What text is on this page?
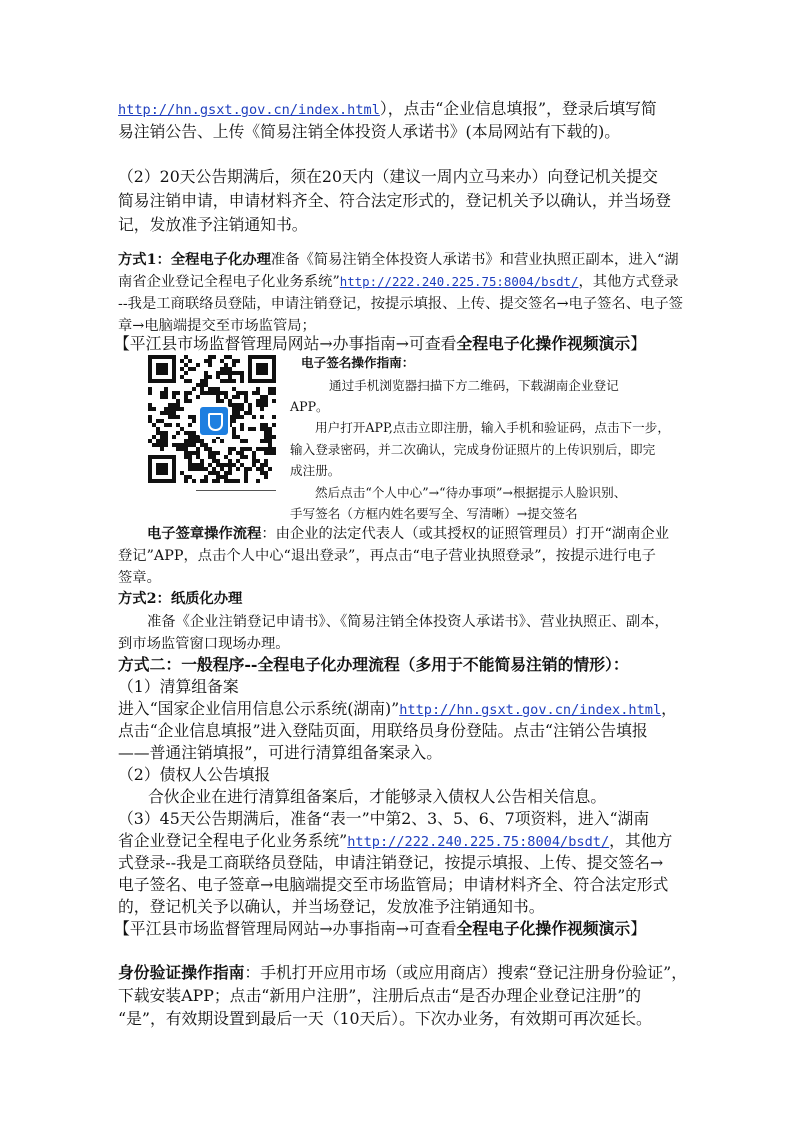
http://hn.gsxt.gov.cn/index.html），点击“企业信息填报”，登录后填写简
易注销公告、上传《简易注销全体投资人承诺书》(本局网站有下载的)。
（2）20天公告期满后，须在20天内（建议一周内立马来办）向登记机关提交
简易注销申请，申请材料齐全、符合法定形式的，登记机关予以确认，并当场登
记，发放准予注销通知书。
方式1：全程电子化办理准备《简易注销全体投资人承诺书》和营业执照正副本，进入“湖
南省企业登记全程电子化业务系统”http://222.240.225.75:8004/bsdt/，其他方式登录
--我是工商联络员登陆，申请注销登记，按提示填报、上传、提交签名→电子签名、电子签
章→电脑端提交至市场监管局；
【平江县市场监督管理局网站→办事指南→可查看全程电子化操作视频演示】
电子签名操作指南：
通过手机浏览器扫描下方二维码，下载湖南企业登记
APP。
用户打开APP,点击立即注册，输入手机和验证码，点击下一步，
输入登录密码，并二次确认，完成身份证照片的上传识别后，即完
成注册。
然后点击“个人中心”→“待办事项”→根据提示人脸识别、
手写签名（方框内姓名要写全、写清晰）→提交签名
电子签章操作流程：由企业的法定代表人（或其授权的证照管理员）打开“湖南企业
登记”APP，点击个人中心“退出登录”，再点击“电子营业执照登录”，按提示进行电子
签章。
方式2：纸质化办理
准备《企业注销登记申请书》、《简易注销全体投资人承诺书》、营业执照正、副本，
到市场监管窗口现场办理。
方式二：一般程序--全程电子化办理流程（多用于不能简易注销的情形）：
（1）清算组备案
进入“国家企业信用信息公示系统(湖南)”http://hn.gsxt.gov.cn/index.html，
点击“企业信息填报”进入登陆页面，用联络员身份登陆。点击“注销公告填报
——普通注销填报”，可进行清算组备案录入。
（2）债权人公告填报
合伙企业在进行清算组备案后，才能够录入债权人公告相关信息。
（3）45天公告期满后，准备“表一”中第2、3、5、6、7项资料，进入“湖南
省企业登记全程电子化业务系统”http://222.240.225.75:8004/bsdt/，其他方
式登录--我是工商联络员登陆，申请注销登记，按提示填报、上传、提交签名→
电子签名、电子签章→电脑端提交至市场监管局；申请材料齐全、符合法定形式
的，登记机关予以确认，并当场登记，发放准予注销通知书。
【平江县市场监督管理局网站→办事指南→可查看全程电子化操作视频演示】
身份验证操作指南：手机打开应用市场（或应用商店）搜索“登记注册身份验证”，
下载安装APP；点击“新用户注册”，注册后点击“是否办理企业登记注册”的
“是”，有效期设置到最后一天（10天后）。下次办业务，有效期可再次延长。
